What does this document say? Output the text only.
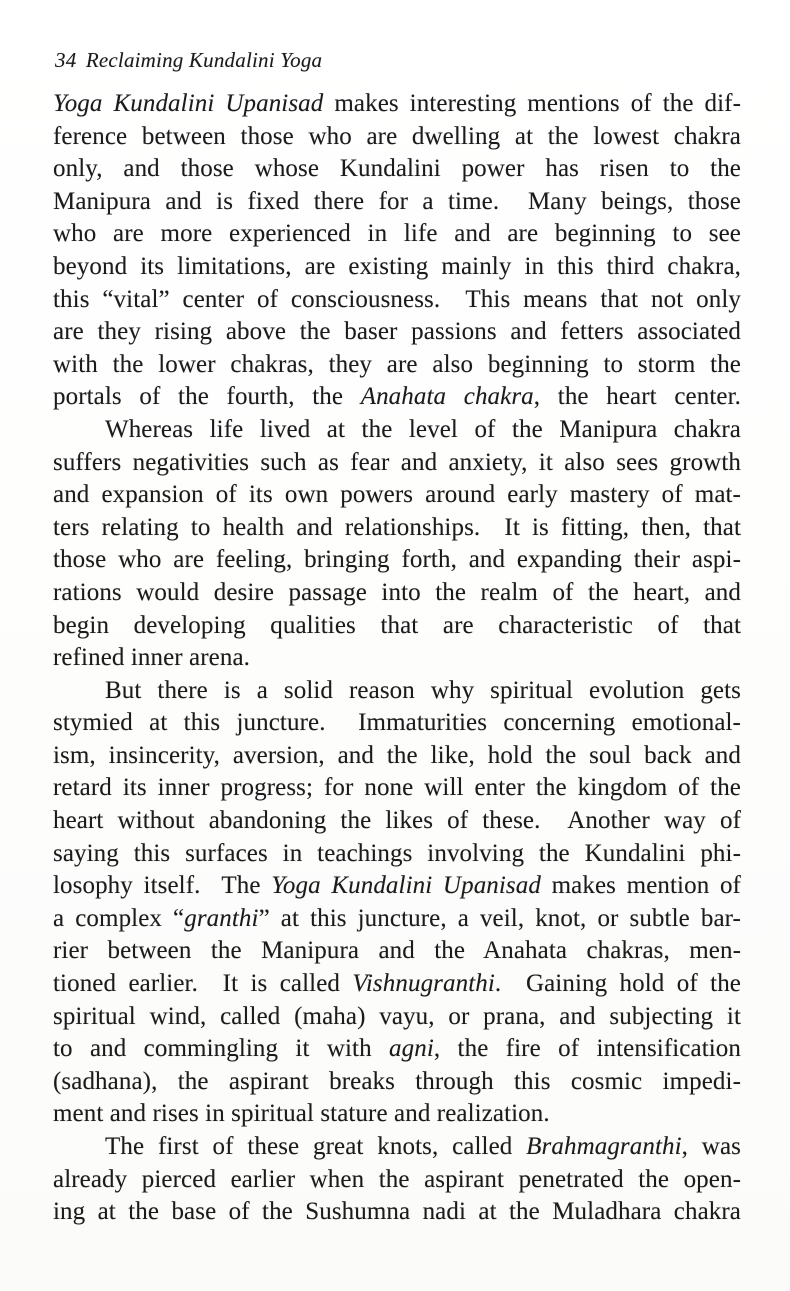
34 Reclaiming Kundalini Yoga
Yoga Kundalini Upanisad makes interesting mentions of the dif-
ference between those who are dwelling at the lowest chakra
only, and those whose Kundalini power has risen to the
Manipura and is fixed there for a time.  Many beings, those
who are more experienced in life and are beginning to see
beyond its limitations, are existing mainly in this third chakra,
this “vital” center of consciousness.  This means that not only
are they rising above the baser passions and fetters associated
with the lower chakras, they are also beginning to storm the
portals of the fourth, the Anahata chakra, the heart center.
Whereas life lived at the level of the Manipura chakra
suffers negativities such as fear and anxiety, it also sees growth
and expansion of its own powers around early mastery of mat-
ters relating to health and relationships.  It is fitting, then, that
those who are feeling, bringing forth, and expanding their aspi-
rations would desire passage into the realm of the heart, and
begin developing qualities that are characteristic of that
refined inner arena.
But there is a solid reason why spiritual evolution gets
stymied at this juncture.  Immaturities concerning emotional-
ism, insincerity, aversion, and the like, hold the soul back and
retard its inner progress; for none will enter the kingdom of the
heart without abandoning the likes of these.  Another way of
saying this surfaces in teachings involving the Kundalini phi-
losophy itself.  The Yoga Kundalini Upanisad makes mention of
a complex “granthi” at this juncture, a veil, knot, or subtle bar-
rier between the Manipura and the Anahata chakras, men-
tioned earlier.  It is called Vishnugranthi.  Gaining hold of the
spiritual wind, called (maha) vayu, or prana, and subjecting it
to and commingling it with agni, the fire of intensification
(sadhana), the aspirant breaks through this cosmic impedi-
ment and rises in spiritual stature and realization.
The first of these great knots, called Brahmagranthi, was
already pierced earlier when the aspirant penetrated the open-
ing at the base of the Sushumna nadi at the Muladhara chakra
